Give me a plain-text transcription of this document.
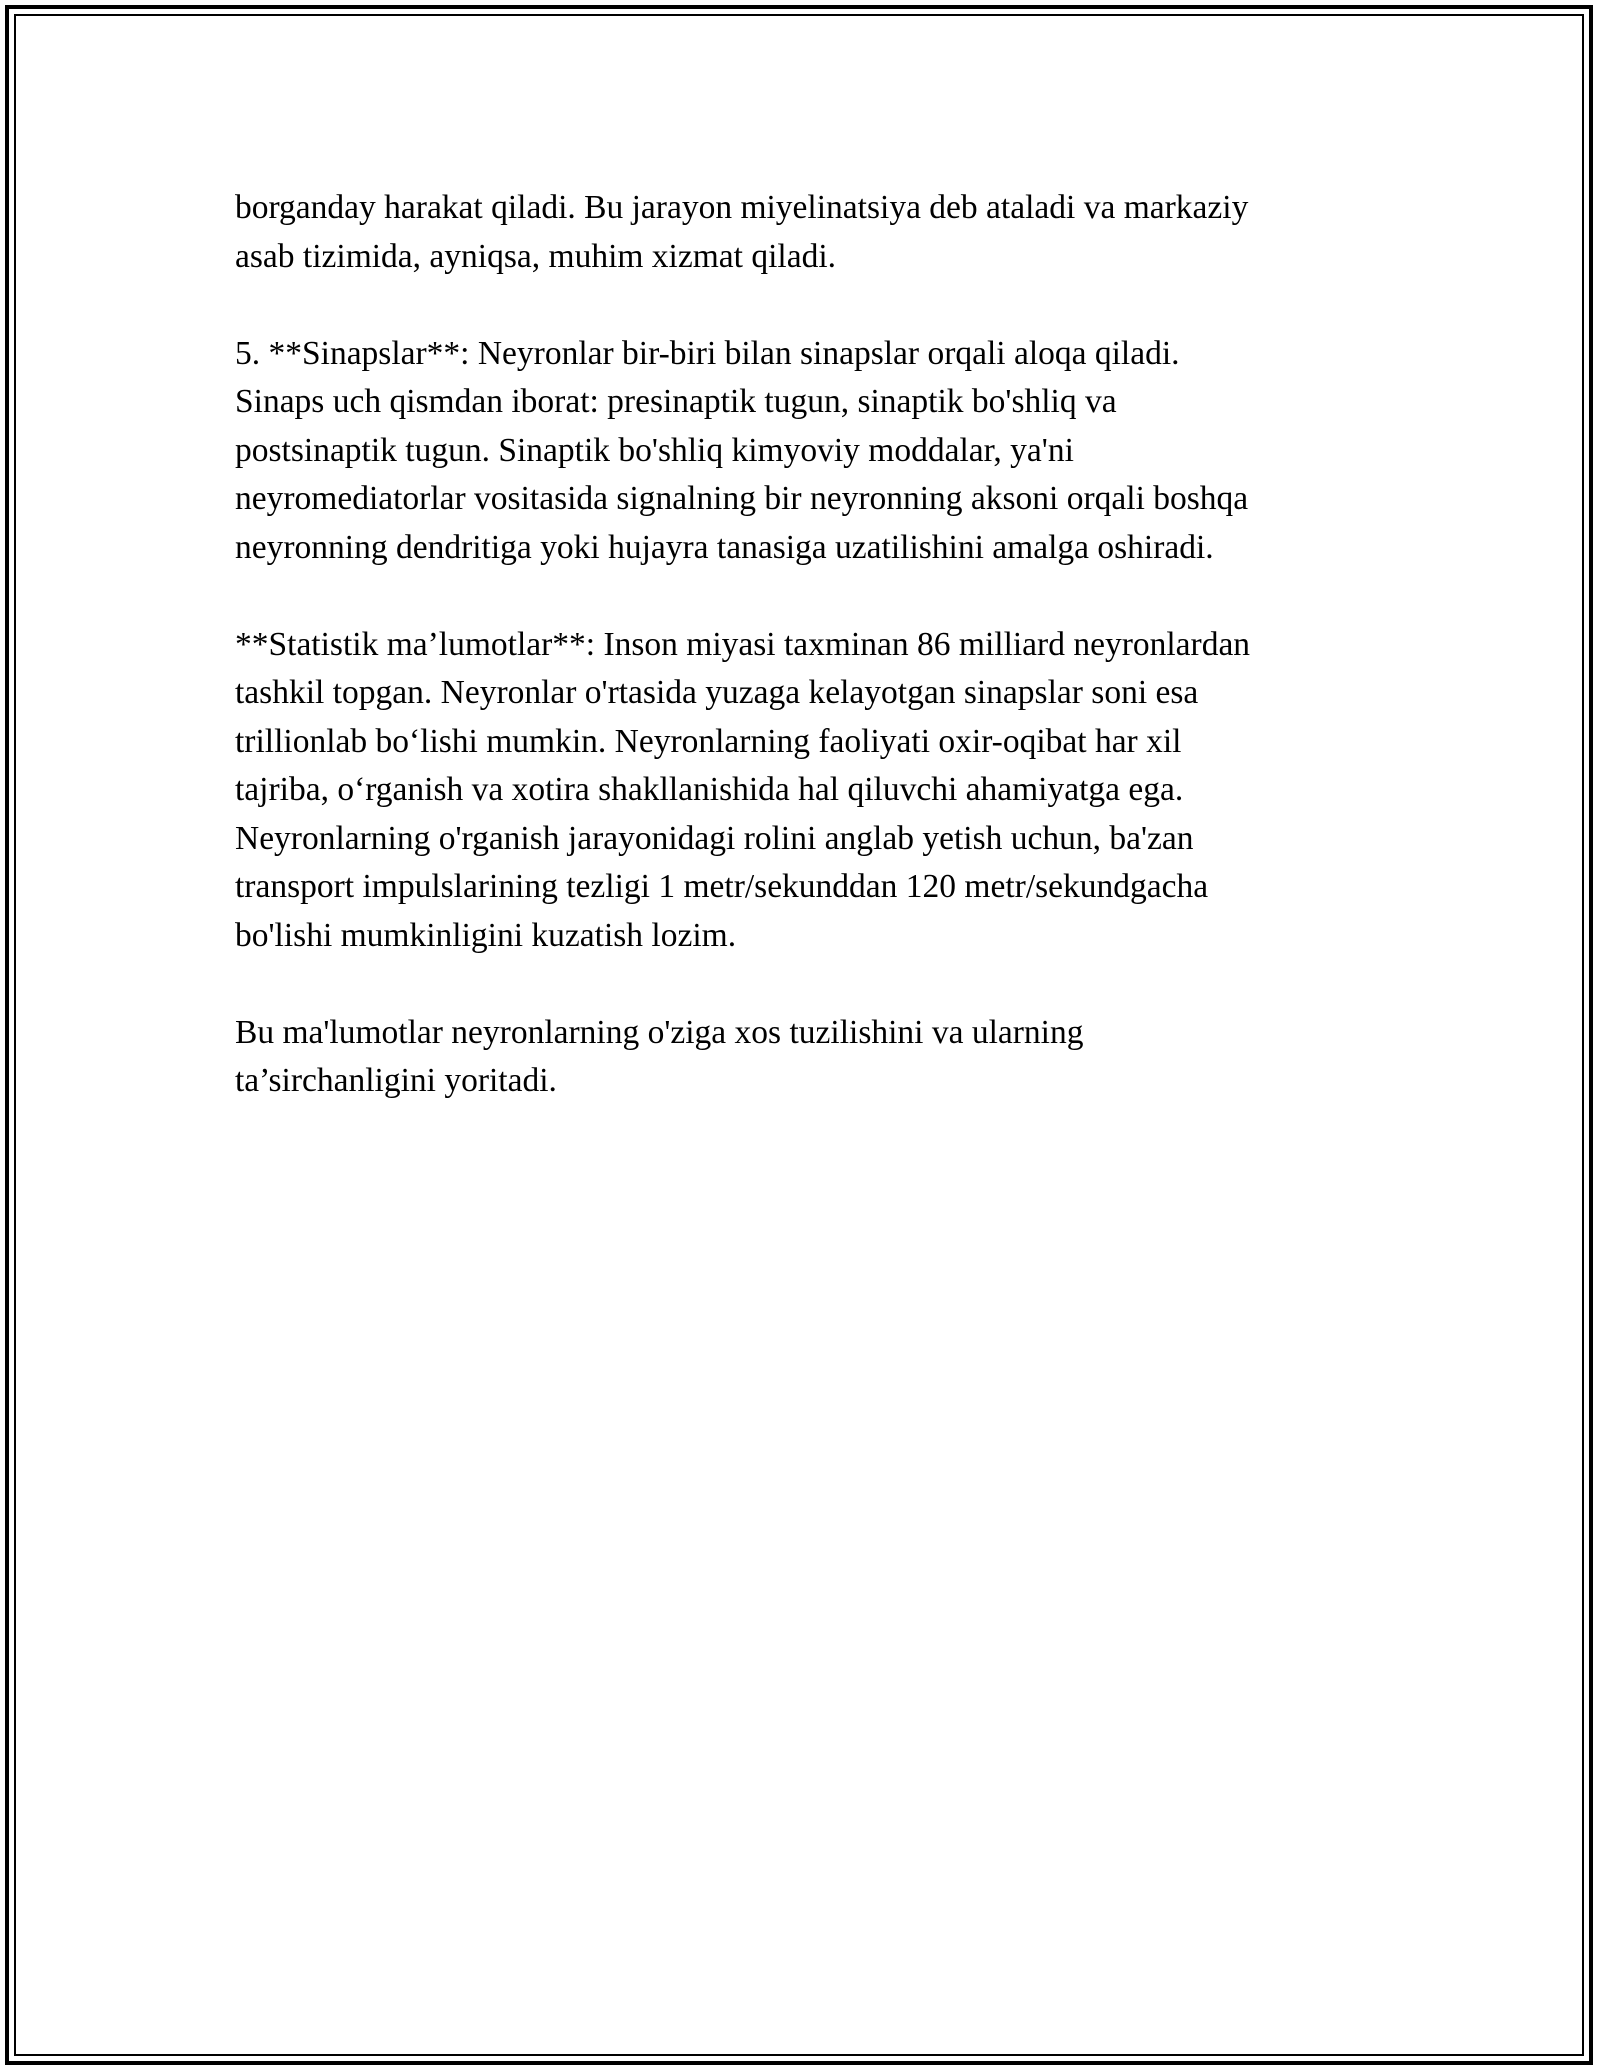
borganday harakat qiladi. Bu jarayon miyelinatsiya deb ataladi va markaziy
asab tizimida, ayniqsa, muhim xizmat qiladi.

5. **Sinapslar**: Neyronlar bir-biri bilan sinapslar orqali aloqa qiladi.
Sinaps uch qismdan iborat: presinaptik tugun, sinaptik bo'shliq va
postsinaptik tugun. Sinaptik bo'shliq kimyoviy moddalar, ya'ni
neyromediatorlar vositasida signalning bir neyronning aksoni orqali boshqa
neyronning dendritiga yoki hujayra tanasiga uzatilishini amalga oshiradi.

**Statistik ma’lumotlar**: Inson miyasi taxminan 86 milliard neyronlardan
tashkil topgan. Neyronlar o'rtasida yuzaga kelayotgan sinapslar soni esa
trillionlab bo‘lishi mumkin. Neyronlarning faoliyati oxir-oqibat har xil
tajriba, o‘rganish va xotira shakllanishida hal qiluvchi ahamiyatga ega.
Neyronlarning o'rganish jarayonidagi rolini anglab yetish uchun, ba'zan
transport impulslarining tezligi 1 metr/sekunddan 120 metr/sekundgacha
bo'lishi mumkinligini kuzatish lozim.

Bu ma'lumotlar neyronlarning o'ziga xos tuzilishini va ularning
ta’sirchanligini yoritadi.
